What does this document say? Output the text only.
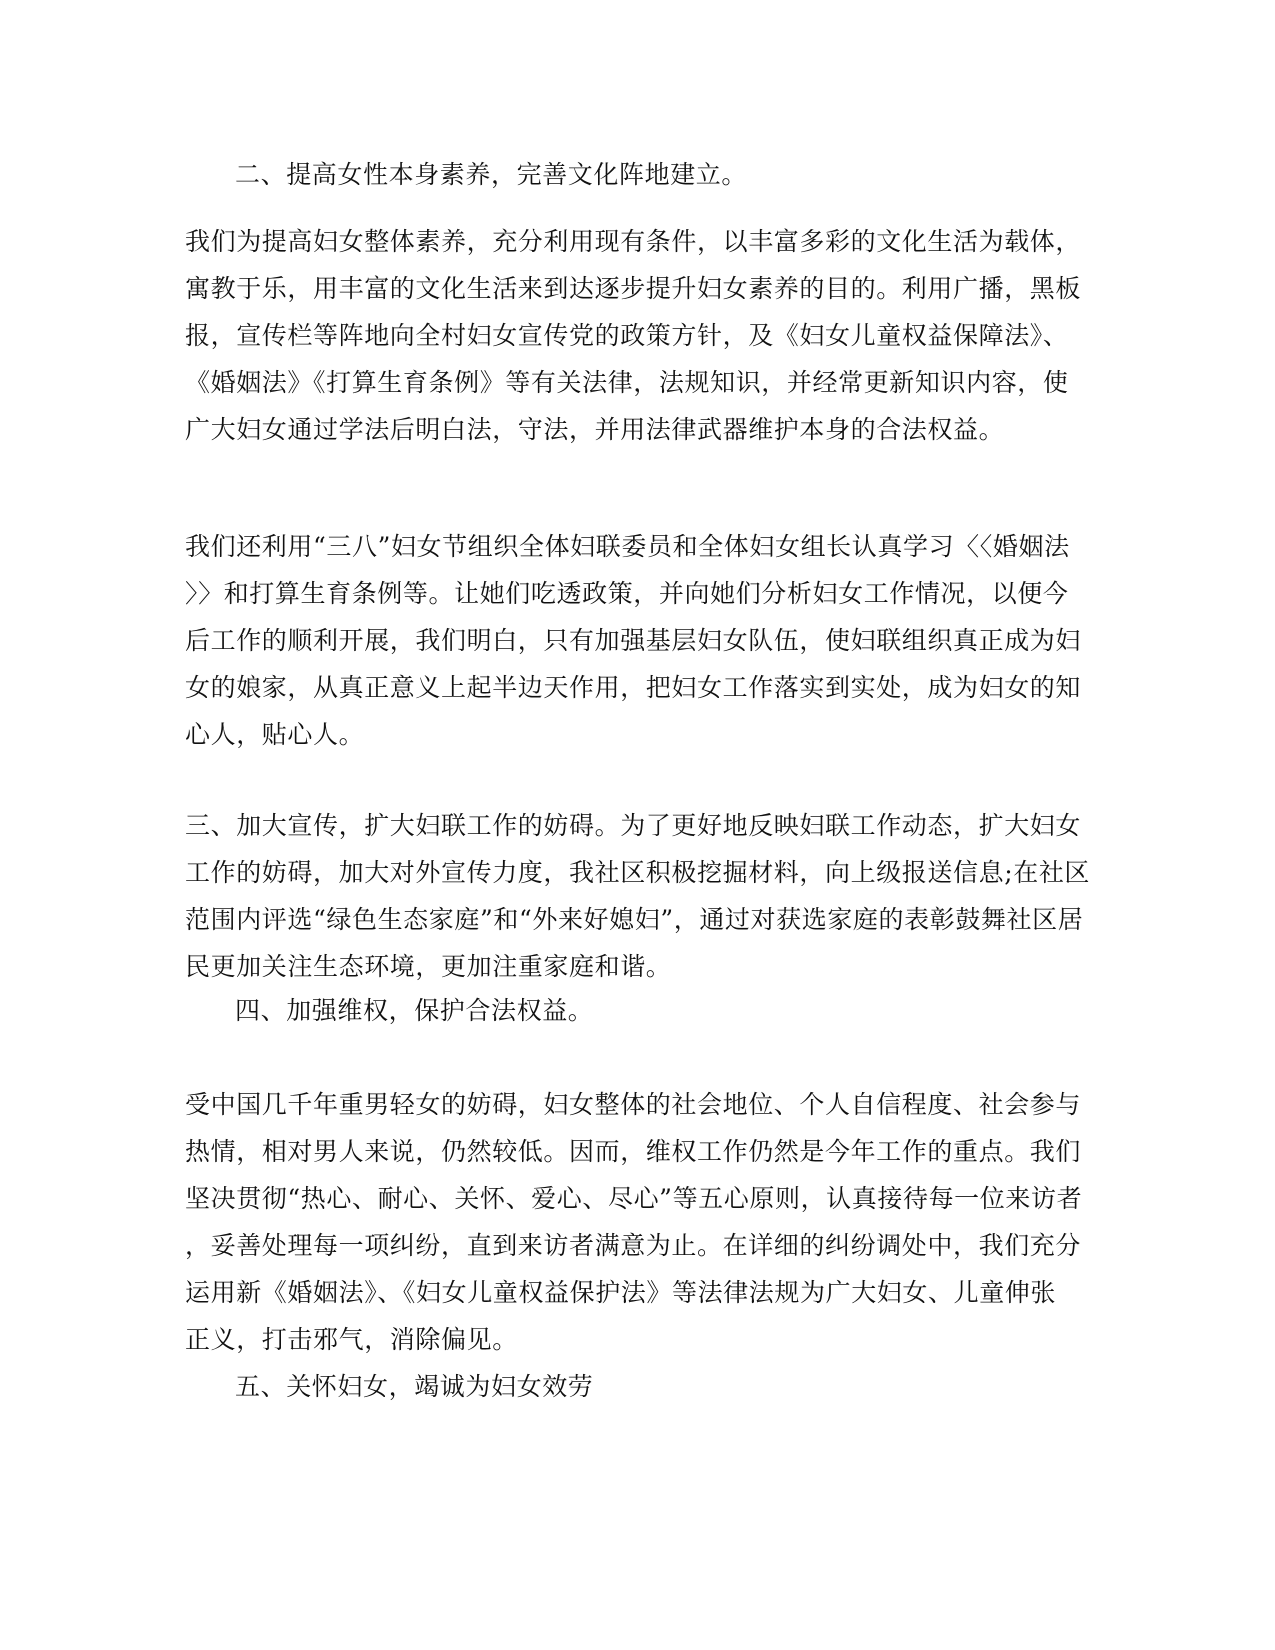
二、提高女性本身素养，完善文化阵地建立。
我们为提高妇女整体素养，充分利用现有条件，以丰富多彩的文化生活为载体，
寓教于乐，用丰富的文化生活来到达逐步提升妇女素养的目的。利用广播，黑板
报，宣传栏等阵地向全村妇女宣传党的政策方针，及《妇女儿童权益保障法》、
《婚姻法》《打算生育条例》等有关法律，法规知识，并经常更新知识内容，使
广大妇女通过学法后明白法，守法，并用法律武器维护本身的合法权益。
我们还利用“三八”妇女节组织全体妇联委员和全体妇女组长认真学习〈〈婚姻法
〉〉和打算生育条例等。让她们吃透政策，并向她们分析妇女工作情况，以便今
后工作的顺利开展，我们明白，只有加强基层妇女队伍，使妇联组织真正成为妇
女的娘家，从真正意义上起半边天作用，把妇女工作落实到实处，成为妇女的知
心人，贴心人。
三、加大宣传，扩大妇联工作的妨碍。为了更好地反映妇联工作动态，扩大妇女
工作的妨碍，加大对外宣传力度，我社区积极挖掘材料，向上级报送信息;在社区
范围内评选“绿色生态家庭”和“外来好媳妇”，通过对获选家庭的表彰鼓舞社区居
民更加关注生态环境，更加注重家庭和谐。
四、加强维权，保护合法权益。
受中国几千年重男轻女的妨碍，妇女整体的社会地位、个人自信程度、社会参与
热情，相对男人来说，仍然较低。因而，维权工作仍然是今年工作的重点。我们
坚决贯彻“热心、耐心、关怀、爱心、尽心”等五心原则，认真接待每一位来访者
，妥善处理每一项纠纷，直到来访者满意为止。在详细的纠纷调处中，我们充分
运用新《婚姻法》、《妇女儿童权益保护法》等法律法规为广大妇女、儿童伸张
正义，打击邪气，消除偏见。
五、关怀妇女，竭诚为妇女效劳
